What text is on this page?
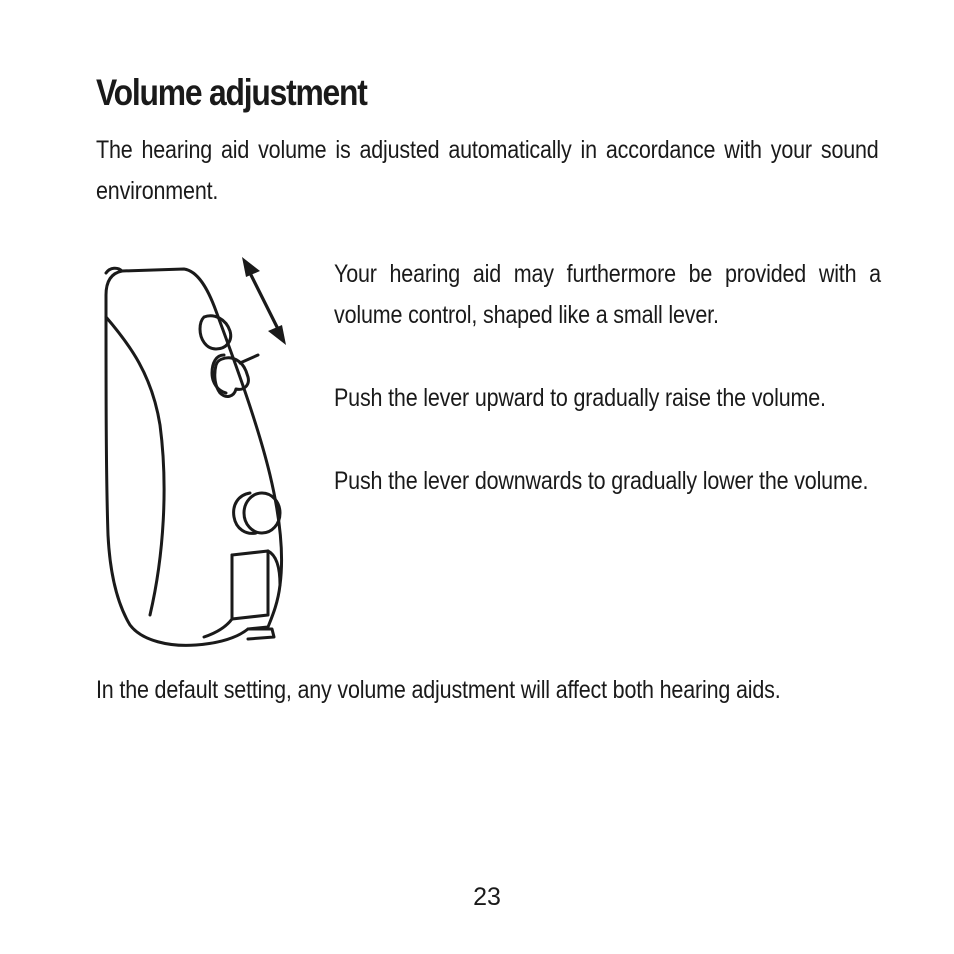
Volume adjustment

The hearing aid volume is adjusted automatically in accordance with your sound environment.

Your hearing aid may furthermore be provided with a volume control, shaped like a small lever.

Push the lever upward to gradually raise the volume.

Push the lever downwards to gradually lower the volume.

In the default setting, any volume adjustment will affect both hearing aids.

23
